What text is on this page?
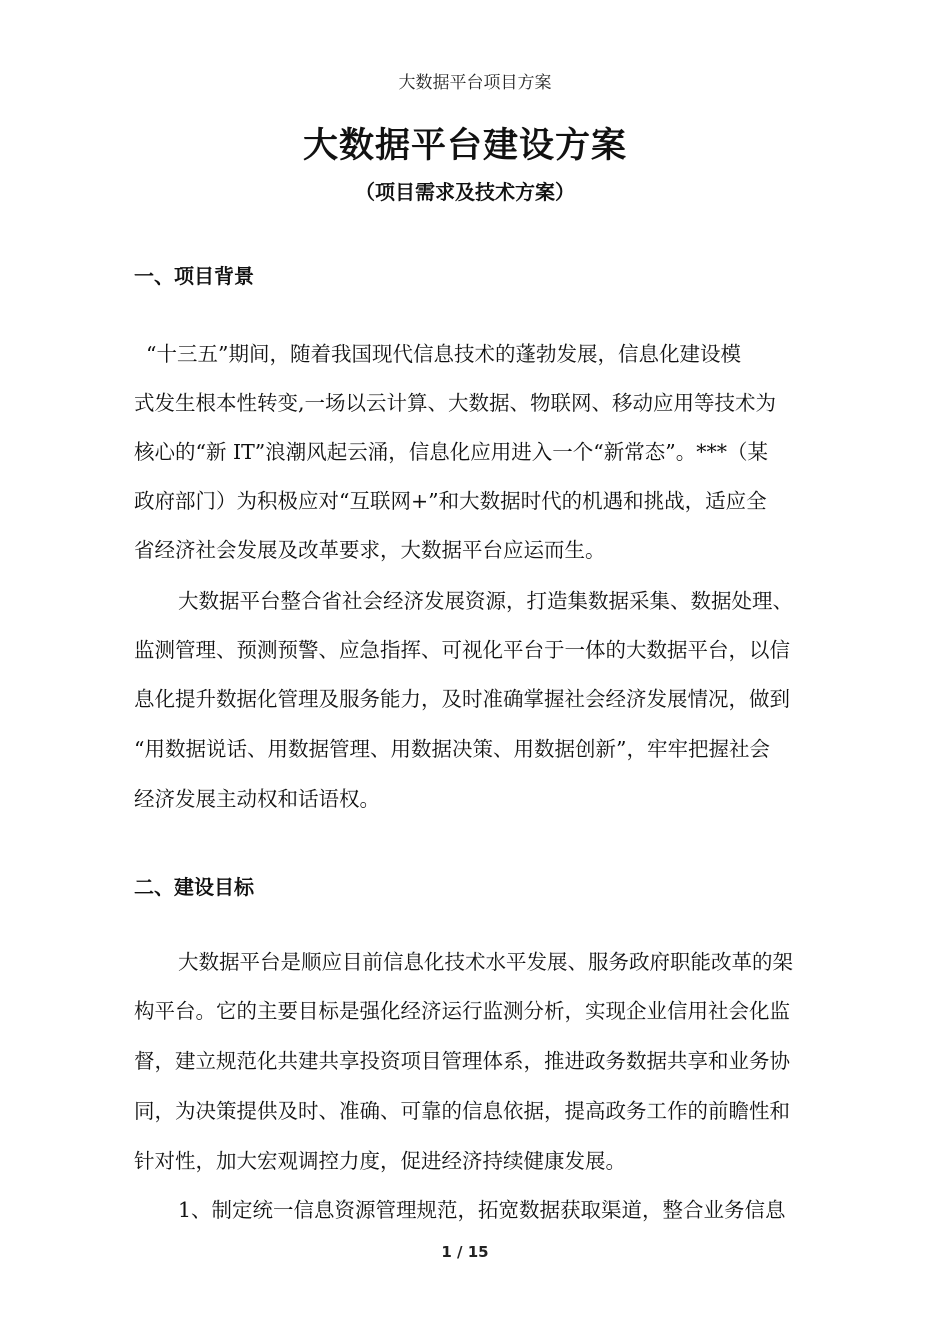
大数据平台项目方案
大数据平台建设方案
（项目需求及技术方案）
一、项目背景
“十三五”期间，随着我国现代信息技术的蓬勃发展，信息化建设模
式发生根本性转变,一场以云计算、大数据、物联网、移动应用等技术为
核心的“新 IT”浪潮风起云涌，信息化应用进入一个“新常态”。***（某
政府部门）为积极应对“互联网+”和大数据时代的机遇和挑战，适应全
省经济社会发展及改革要求，大数据平台应运而生。
大数据平台整合省社会经济发展资源，打造集数据采集、数据处理、
监测管理、预测预警、应急指挥、可视化平台于一体的大数据平台，以信
息化提升数据化管理及服务能力，及时准确掌握社会经济发展情况，做到
“用数据说话、用数据管理、用数据决策、用数据创新”，牢牢把握社会
经济发展主动权和话语权。
二、建设目标
大数据平台是顺应目前信息化技术水平发展、服务政府职能改革的架
构平台。它的主要目标是强化经济运行监测分析，实现企业信用社会化监
督，建立规范化共建共享投资项目管理体系，推进政务数据共享和业务协
同，为决策提供及时、准确、可靠的信息依据，提高政务工作的前瞻性和
针对性，加大宏观调控力度，促进经济持续健康发展。
1、制定统一信息资源管理规范，拓宽数据获取渠道，整合业务信息
1 / 15
